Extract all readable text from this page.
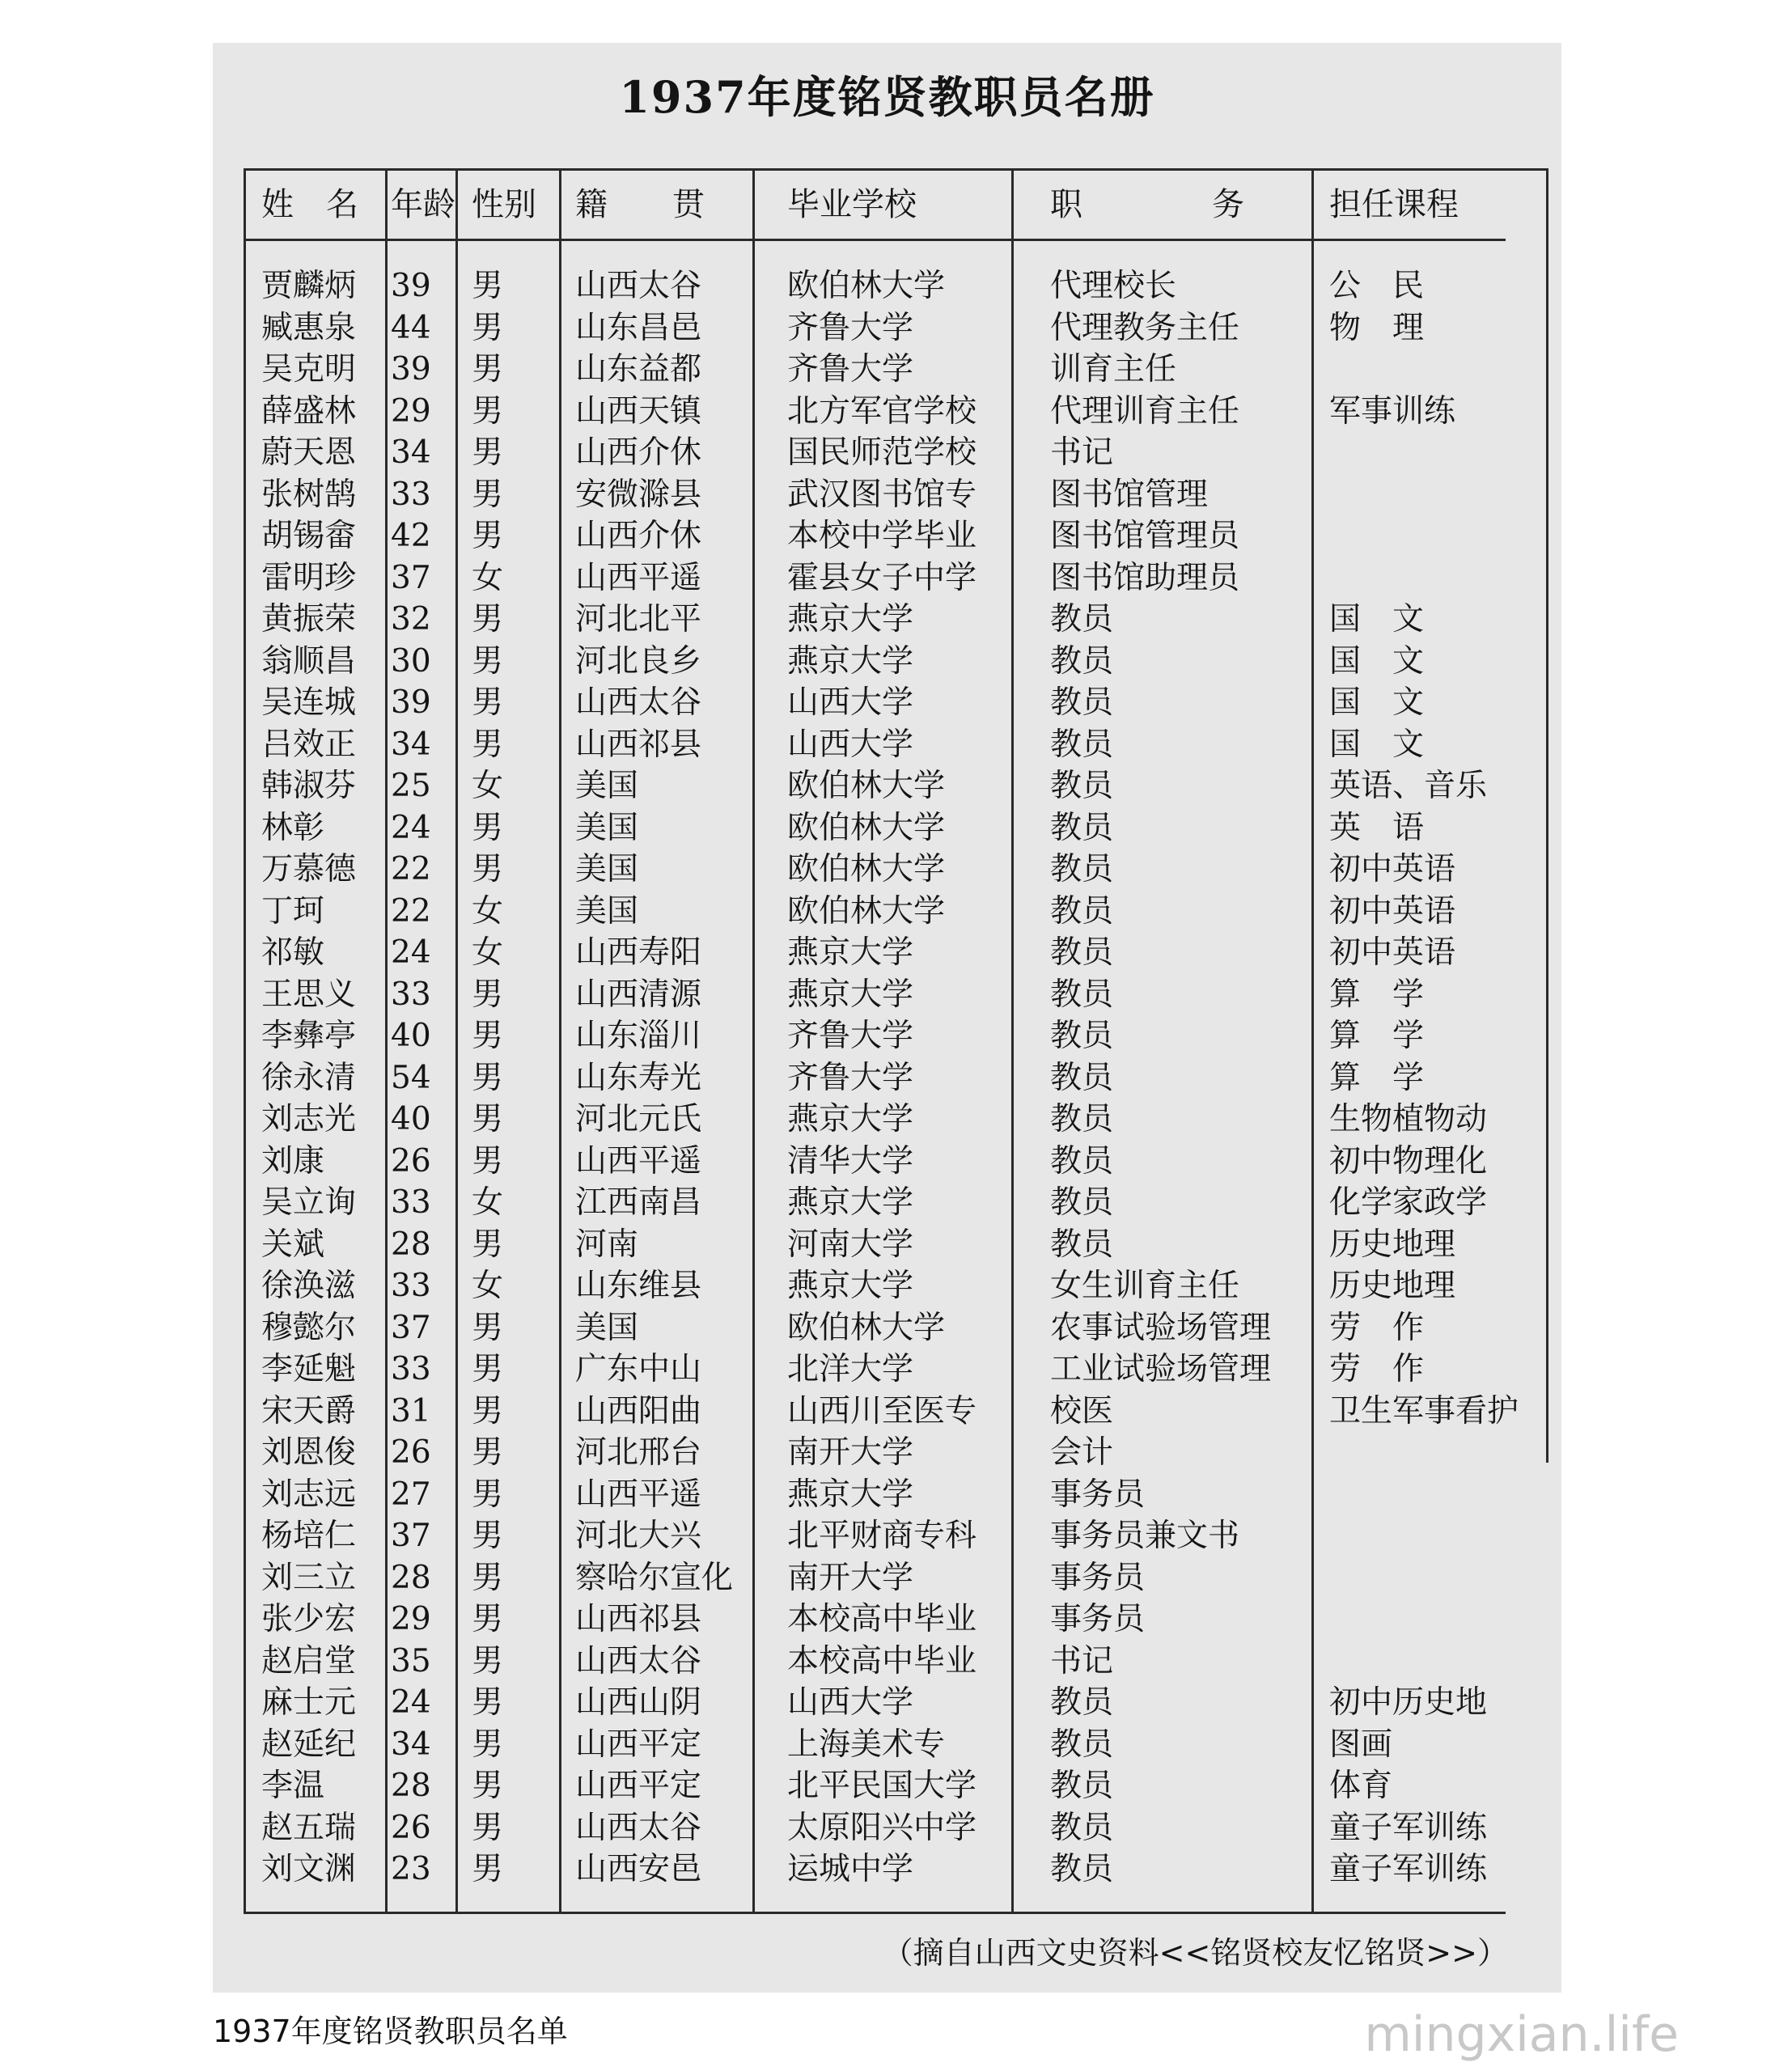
1937年度铭贤教职员名册
姓　名	年龄 性别	籍　　贯	毕业学校	职　　　　务	担任课程
贾麟炳	39	男	山西太谷	欧伯林大学	代理校长	公　民
臧惠泉	44	男	山东昌邑	齐鲁大学	代理教务主任	物　理
吴克明	39	男	山东益都	齐鲁大学	训育主任
薛盛林	29	男	山西天镇	北方军官学校	代理训育主任	军事训练
蔚天恩	34	男	山西介休	国民师范学校	书记
张树鹄	33	男	安微滁县	武汉图书馆专	图书馆管理
胡锡畲	42	男	山西介休	本校中学毕业	图书馆管理员
雷明珍	37	女	山西平遥	霍县女子中学	图书馆助理员
黄振荣	32	男	河北北平	燕京大学	教员	国　文
翁顺昌	30	男	河北良乡	燕京大学	教员	国　文
吴连城	39	男	山西太谷	山西大学	教员	国　文
吕效正	34	男	山西祁县	山西大学	教员	国　文
韩淑芬	25	女	美国	欧伯林大学	教员	英语、音乐
林彰	24	男	美国	欧伯林大学	教员	英　语
万慕德	22	男	美国	欧伯林大学	教员	初中英语
丁珂	22	女	美国	欧伯林大学	教员	初中英语
祁敏	24	女	山西寿阳	燕京大学	教员	初中英语
王思义	33	男	山西清源	燕京大学	教员	算　学
李彝亭	40	男	山东淄川	齐鲁大学	教员	算　学
徐永清	54	男	山东寿光	齐鲁大学	教员	算　学
刘志光	40	男	河北元氏	燕京大学	教员	生物植物动
刘康	26	男	山西平遥	清华大学	教员	初中物理化
吴立询	33	女	江西南昌	燕京大学	教员	化学家政学
关斌	28	男	河南	河南大学	教员	历史地理
徐涣滋	33	女	山东维县	燕京大学	女生训育主任	历史地理
穆懿尔	37	男	美国	欧伯林大学	农事试验场管理	劳　作
李延魁	33	男	广东中山	北洋大学	工业试验场管理	劳　作
宋天爵	31	男	山西阳曲	山西川至医专	校医	卫生军事看护
刘恩俊	26	男	河北邢台	南开大学	会计
刘志远	27	男	山西平遥	燕京大学	事务员
杨培仁	37	男	河北大兴	北平财商专科	事务员兼文书
刘三立	28	男	察哈尔宣化	南开大学	事务员
张少宏	29	男	山西祁县	本校高中毕业	事务员
赵启堂	35	男	山西太谷	本校高中毕业	书记
麻士元	24	男	山西山阴	山西大学	教员	初中历史地
赵延纪	34	男	山西平定	上海美术专	教员	图画
李温	28	男	山西平定	北平民国大学	教员	体育
赵五瑞	26	男	山西太谷	太原阳兴中学	教员	童子军训练
刘文渊	23	男	山西安邑	运城中学	教员	童子军训练
（摘自山西文史资料<<铭贤校友忆铭贤>>）
1937年度铭贤教职员名单	mingxian.life
